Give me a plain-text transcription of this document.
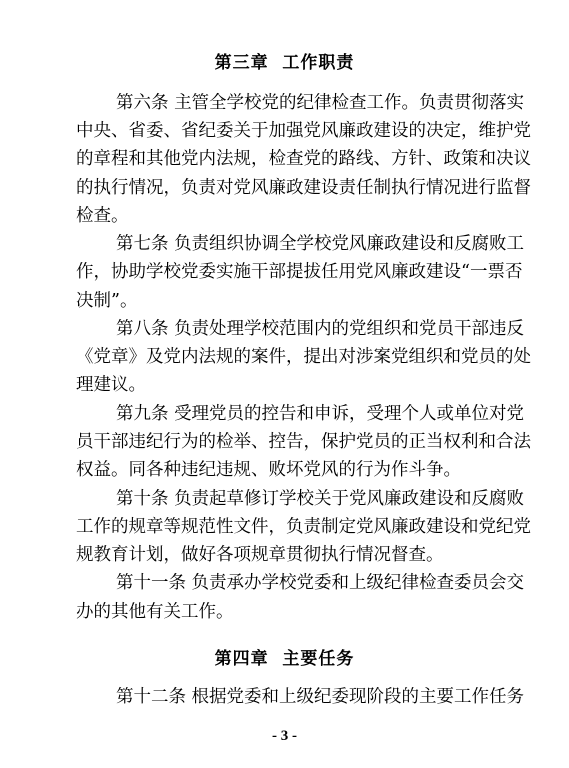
第三章  工作职责
第六条 主管全学校党的纪律检查工作。负责贯彻落实
中央、省委、省纪委关于加强党风廉政建设的决定，维护党
的章程和其他党内法规，检查党的路线、方针、政策和决议
的执行情况，负责对党风廉政建设责任制执行情况进行监督
检查。
第七条 负责组织协调全学校党风廉政建设和反腐败工
作，协助学校党委实施干部提拔任用党风廉政建设“一票否
决制”。
第八条 负责处理学校范围内的党组织和党员干部违反
《党章》及党内法规的案件，提出对涉案党组织和党员的处
理建议。
第九条 受理党员的控告和申诉，受理个人或单位对党
员干部违纪行为的检举、控告，保护党员的正当权利和合法
权益。同各种违纪违规、败坏党风的行为作斗争。
第十条 负责起草修订学校关于党风廉政建设和反腐败
工作的规章等规范性文件，负责制定党风廉政建设和党纪党
规教育计划，做好各项规章贯彻执行情况督查。
第十一条 负责承办学校党委和上级纪律检查委员会交
办的其他有关工作。
第四章  主要任务
第十二条 根据党委和上级纪委现阶段的主要工作任务
- 3 -
